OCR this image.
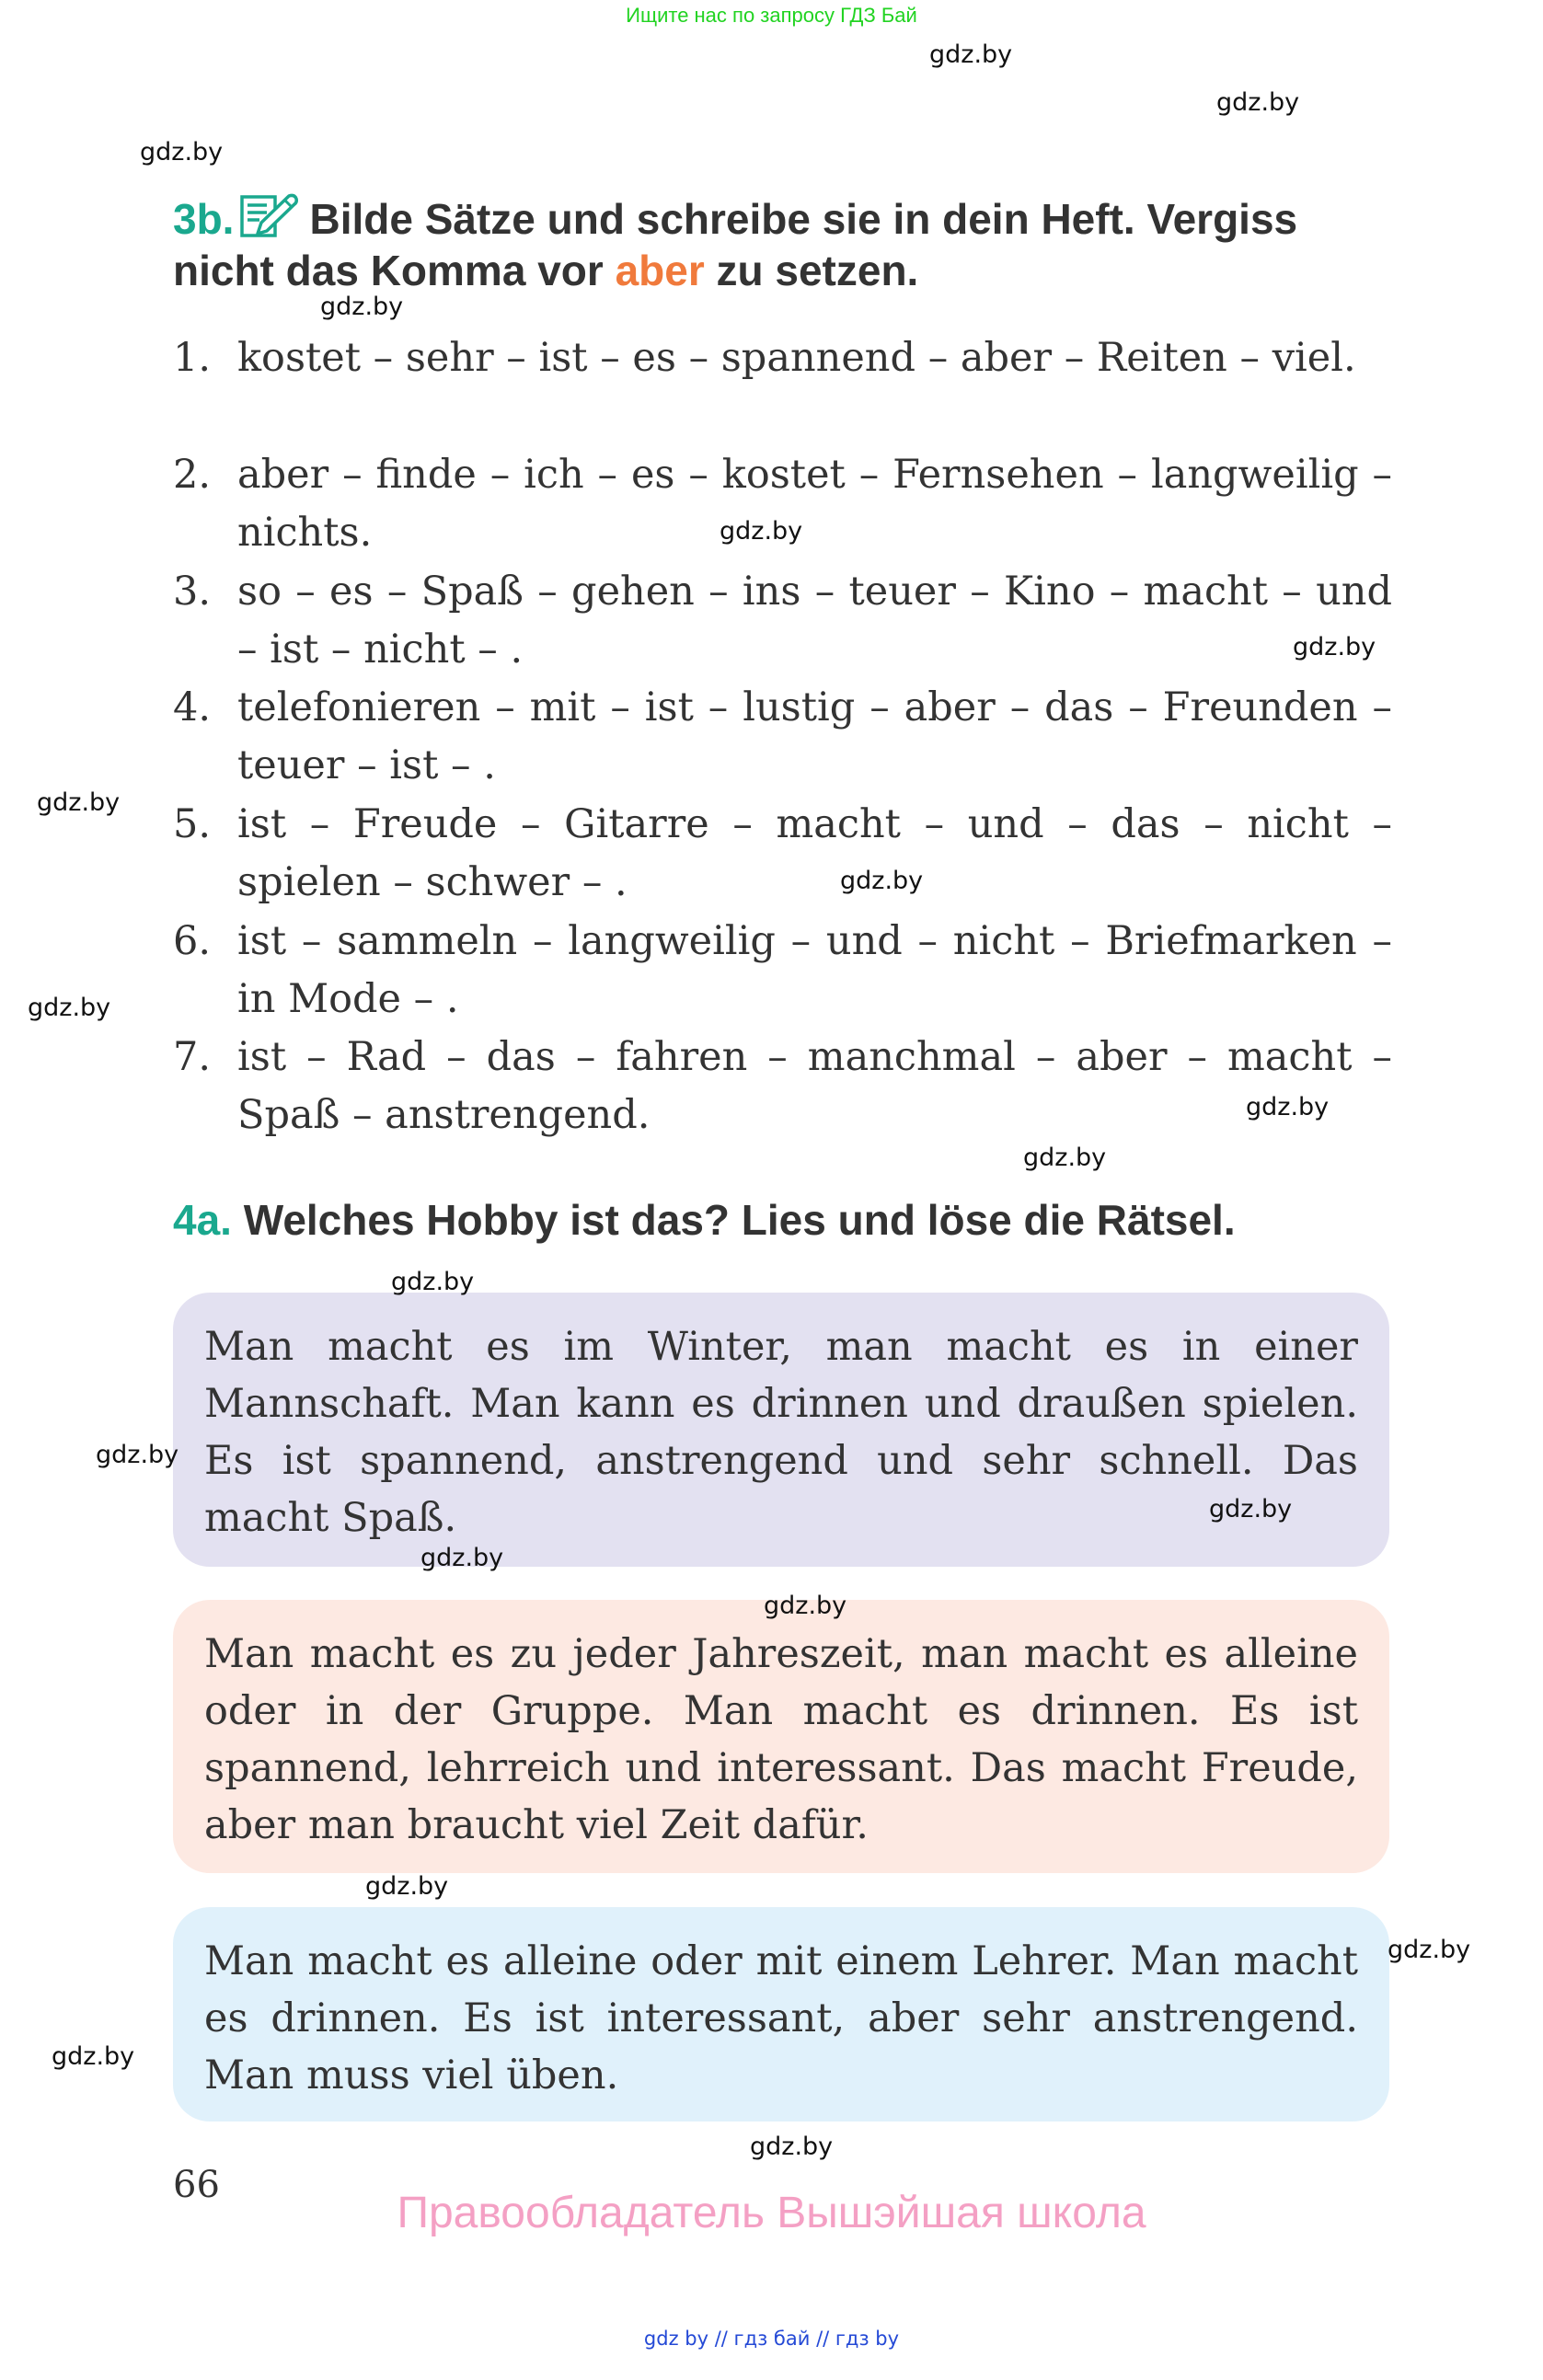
Ищите нас по запросу ГДЗ Бай
gdz.by
gdz.by
gdz.by
gdz.by
gdz.by
gdz.by
gdz.by
gdz.by
gdz.by
gdz.by
gdz.by
gdz.by
gdz.by
gdz.by
gdz.by
gdz.by
gdz.by
gdz.by
gdz.by
gdz.by
3b. Bilde Sätze und schreibe sie in dein Heft. Vergiss
nicht das Komma vor aber zu setzen.
1. kostet – sehr – ist – es – spannend – aber – Reiten – viel.
2. aber – finde – ich – es – kostet – Fernsehen – langweilig – nichts.
3. so – es – Spaß – gehen – ins – teuer – Kino – macht – und – ist – nicht – .
4. telefonieren – mit – ist – lustig – aber – das – Freunden – teuer – ist – .
5. ist – Freude – Gitarre – macht – und – das – nicht – spielen – schwer – .
6. ist – sammeln – langweilig – und – nicht – Briefmarken – in Mode – .
7. ist – Rad – das – fahren – manchmal – aber – macht – Spaß – anstrengend.
4a. Welches Hobby ist das? Lies und löse die Rätsel.
Man macht es im Winter, man macht es in einer Mannschaft. Man kann es drinnen und draußen spielen. Es ist spannend, anstrengend und sehr schnell. Das macht Spaß.
Man macht es zu jeder Jahreszeit, man macht es alleine oder in der Gruppe. Man macht es drinnen. Es ist spannend, lehrreich und interessant. Das macht Freude, aber man braucht viel Zeit dafür.
Man macht es alleine oder mit einem Lehrer. Man macht es drinnen. Es ist interessant, aber sehr anstrengend. Man muss viel üben.
66
Правообладатель Вышэйшая школа
gdz by // гдз бай // гдз by
